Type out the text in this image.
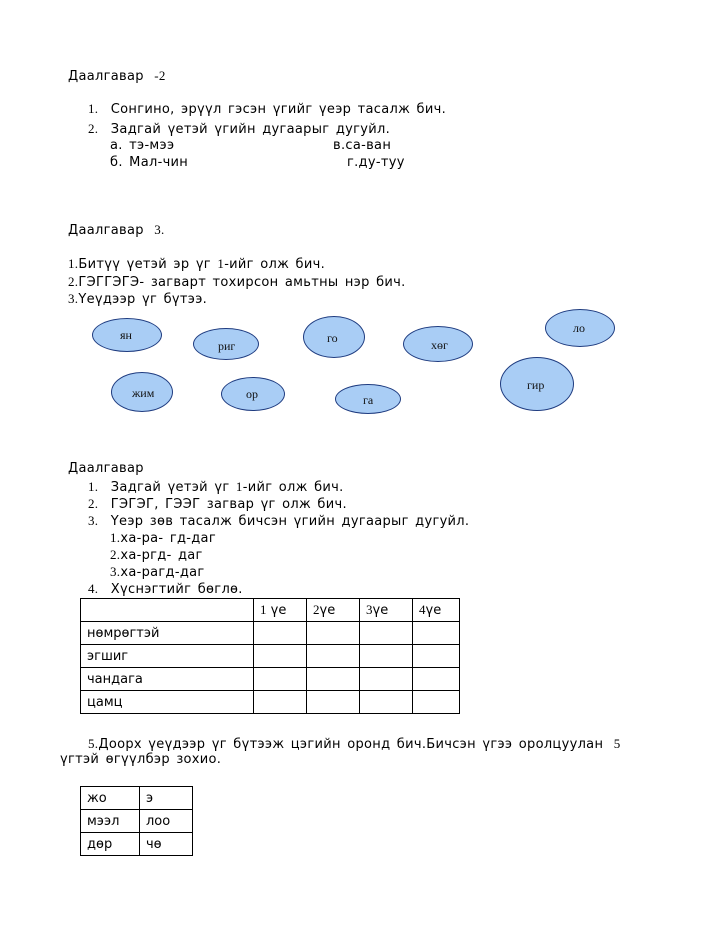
Даалгавар -2
1. Сонгино, эрүүл гэсэн үгийг үеэр тасалж бич.
2. Задгай үетэй үгийн дугаарыг дугуйл.
а. тэ-мээ	в.са-ван
б. Мал-чин	г.ду-туу
Даалгавар 3.
1.Битүү үетэй эр үг 1-ийг олж бич.
2.ГЭГГЭГЭ- загварт тохирсон амьтны нэр бич.
3.Үеүдээр үг бүтээ.
ян
риг
го	хөг
ло
жим	ор	га
гир
Даалгавар
1. Задгай үетэй үг 1-ийг олж бич.
2. ГЭГЭГ, ГЭЭГ загвар үг олж бич.
3. Үеэр зөв тасалж бичсэн үгийн дугаарыг дугуйл.
1.ха-ра- гд-даг
2.ха-ргд- даг
3.ха-рагд-даг
4. Хүснэгтийг бөглө.
	1 үе	2үе	3үе	4үе
нөмрөгтэй				
эгшиг				
чандага				
цамц				
5.Доорх үеүдээр үг бүтээж цэгийн оронд бич.Бичсэн үгээ оролцуулан 5
үгтэй өгүүлбэр зохио.
жо	э
мээл	лоо
дөр	чө
